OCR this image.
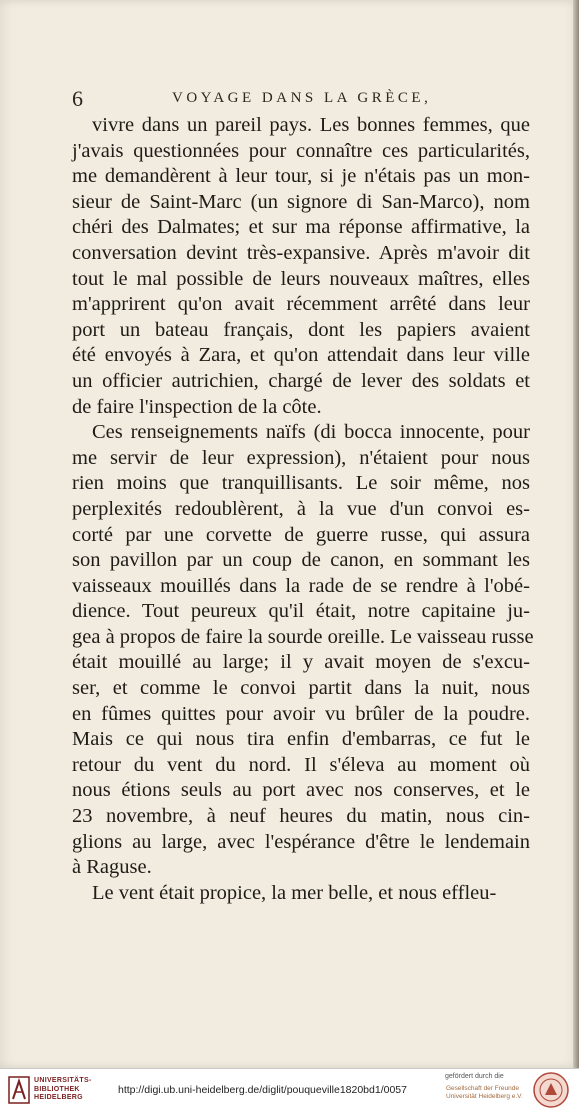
6	VOYAGE DANS LA GRÈCE,
vivre dans un pareil pays. Les bonnes femmes, que
j'avais questionnées pour connaître ces particularités,
me demandèrent à leur tour, si je n'étais pas un mon-
sieur de Saint-Marc (un signore di San-Marco), nom
chéri des Dalmates; et sur ma réponse affirmative, la
conversation devint très-expansive. Après m'avoir dit
tout le mal possible de leurs nouveaux maîtres, elles
m'apprirent qu'on avait récemment arrêté dans leur
port un bateau français, dont les papiers avaient
été envoyés à Zara, et qu'on attendait dans leur ville
un officier autrichien, chargé de lever des soldats et
de faire l'inspection de la côte.
Ces renseignements naïfs (di bocca innocente, pour
me servir de leur expression), n'étaient pour nous
rien moins que tranquillisants. Le soir même, nos
perplexités redoublèrent, à la vue d'un convoi es-
corté par une corvette de guerre russe, qui assura
son pavillon par un coup de canon, en sommant les
vaisseaux mouillés dans la rade de se rendre à l'obé-
dience. Tout peureux qu'il était, notre capitaine ju-
gea à propos de faire la sourde oreille. Le vaisseau russe
était mouillé au large; il y avait moyen de s'excu-
ser, et comme le convoi partit dans la nuit, nous
en fûmes quittes pour avoir vu brûler de la poudre.
Mais ce qui nous tira enfin d'embarras, ce fut le
retour du vent du nord. Il s'éleva au moment où
nous étions seuls au port avec nos conserves, et le
23 novembre, à neuf heures du matin, nous cin-
glions au large, avec l'espérance d'être le lendemain
à Raguse.
Le vent était propice, la mer belle, et nous effleu-
UNIVERSITÄTS-
BIBLIOTHEK
HEIDELBERG
http://digi.ub.uni-heidelberg.de/diglit/pouqueville1820bd1/0057
gefördert durch die
Gesellschaft der Freunde
Universität Heidelberg e.V.
